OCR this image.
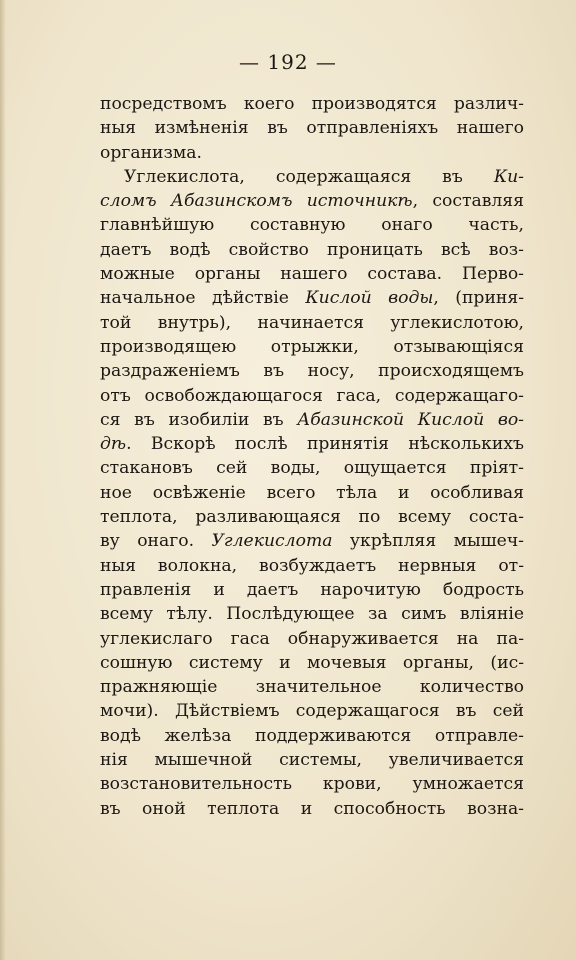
— 192 —
посредствомъ коего производятся различ-
ныя измѣненія въ отправленіяхъ нашего
организма.
Углекислота, содержащаяся въ Ки-
сломъ Абазинскомъ источникѣ, составляя
главнѣйшую составную онаго часть,
даетъ водѣ свойство проницать всѣ воз-
можные органы нашего состава. Перво-
начальное дѣйствіе Кислой воды, (приня-
той внутрь), начинается углекислотою,
производящею отрыжки, отзывающіяся
раздраженіемъ въ носу, происходящемъ
отъ освобождающагося гаса, содержащаго-
ся въ изобиліи въ Абазинской Кислой во-
дѣ. Вскорѣ послѣ принятія нѣсколькихъ
стакановъ сей воды, ощущается пріят-
ное освѣженіе всего тѣла и особливая
теплота, разливающаяся по всему соста-
ву онаго. Углекислота укрѣпляя мышеч-
ныя волокна, возбуждаетъ нервныя от-
правленія и даетъ нарочитую бодрость
всему тѣлу. Послѣдующее за симъ вліяніе
углекислаго гаса обнаруживается на па-
сошную систему и мочевыя органы, (ис-
пражняющіе значительное количество
мочи). Дѣйствіемъ содержащагося въ сей
водѣ желѣза поддерживаются отправле-
нія мышечной системы, увеличивается
возстановительность крови, умножается
въ оной теплота и способность возна-
